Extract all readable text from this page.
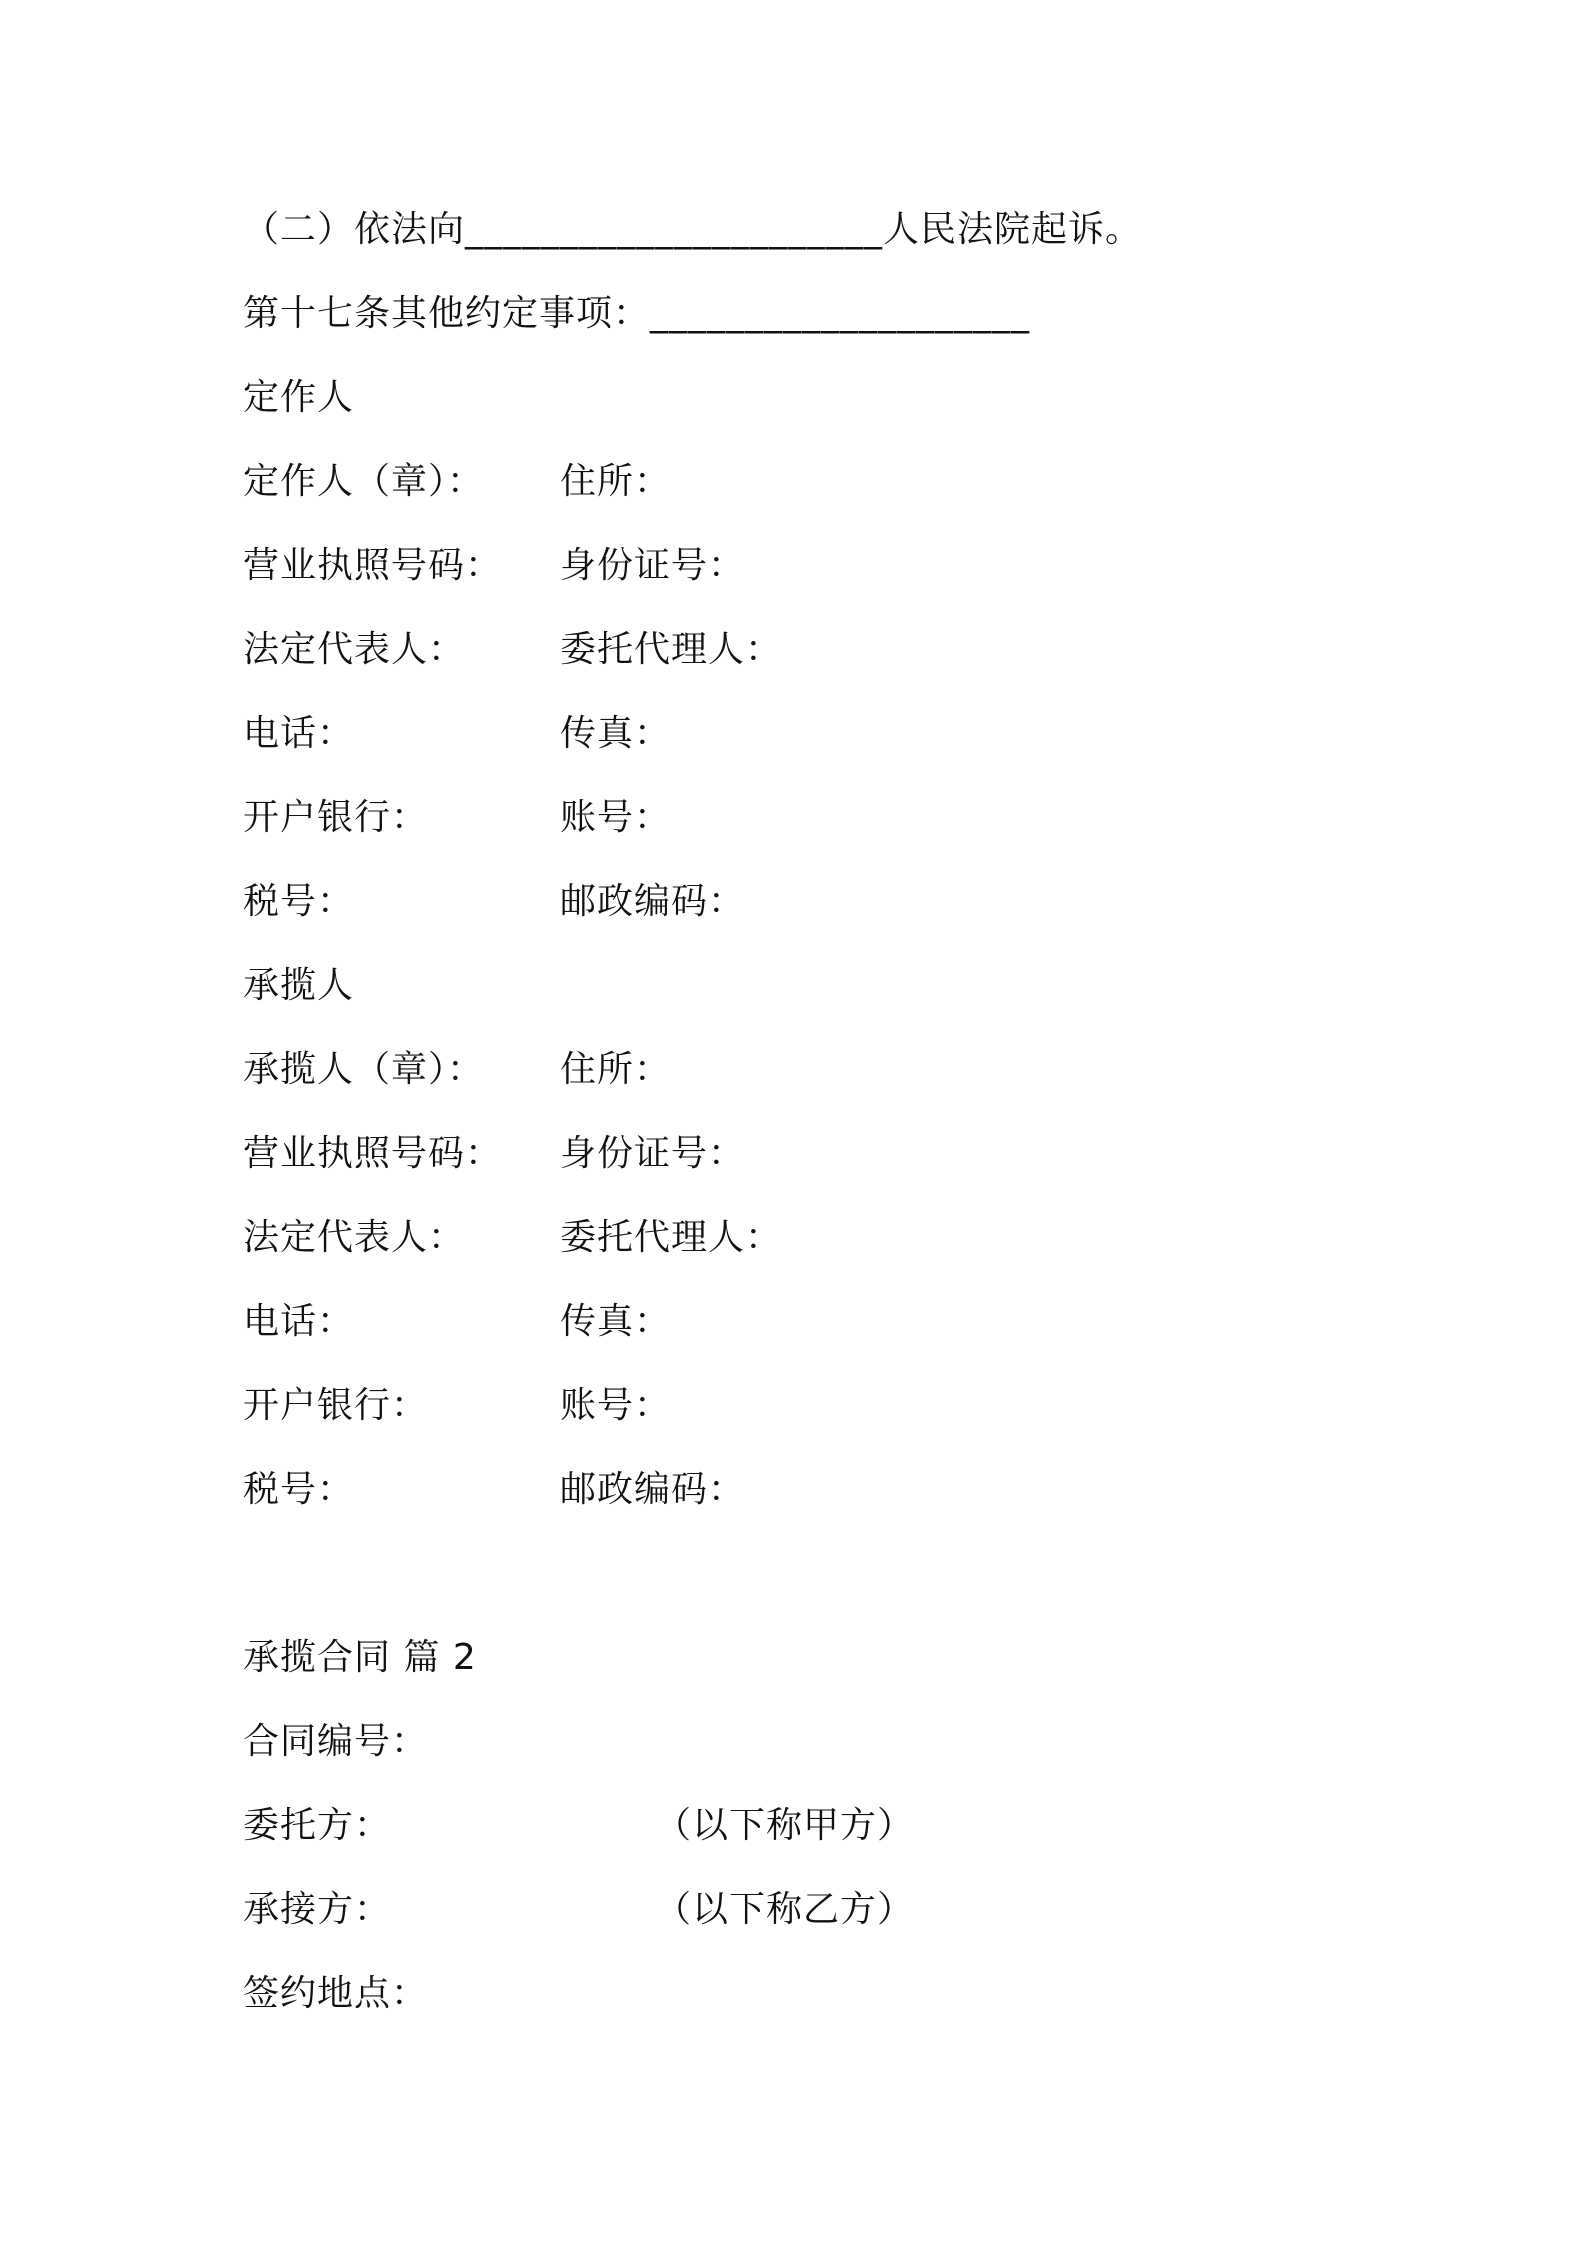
（二）依法向______________________人民法院起诉。
第十七条其他约定事项：____________________
定作人
定作人（章）： 住所：
营业执照号码： 身份证号：
法定代表人：	委托代理人：
电话：	传真：
开户银行：	账号：
税号：	邮政编码：
承揽人
承揽人（章）： 住所：
营业执照号码： 身份证号：
法定代表人：	委托代理人：
电话：	传真：
开户银行：	账号：
税号：	邮政编码：
承揽合同 篇 2
合同编号：
委托方：	（以下称甲方）
承接方：	（以下称乙方）
签约地点：
